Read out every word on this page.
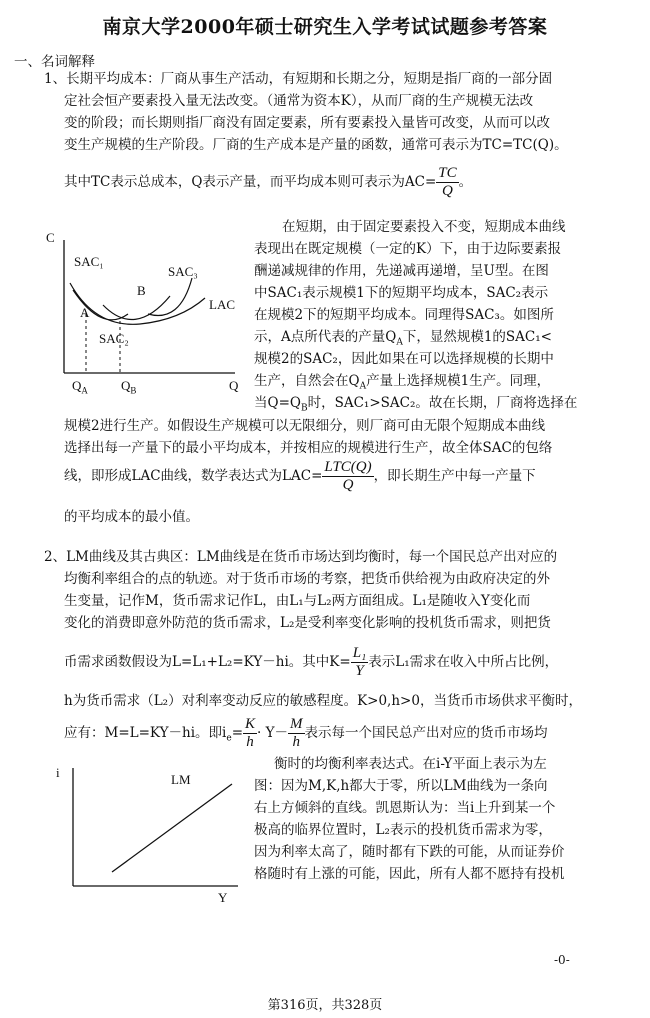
南京大学2000年硕士研究生入学考试试题参考答案
一、名词解释
1、长期平均成本：厂商从事生产活动，有短期和长期之分，短期是指厂商的一部分固
定社会恒产要素投入量无法改变。（通常为资本K），从而厂商的生产规模无法改
变的阶段；而长期则指厂商没有固定要素，所有要素投入量皆可改变，从而可以改
变生产规模的生产阶段。厂商的生产成本是产量的函数，通常可表示为TC=TC(Q)。
其中TC表示总成本，Q表示产量，而平均成本则可表示为$AC= \frac{TC}{Q}$ 。
在短期，由于固定要素投入不变，短期成本曲线
表现出在既定规模（一定的K）下，由于边际要素报
酬递减规律的作用，先递减再递增，呈U型。在图
中SAC₁表示规模1下的短期平均成本，SAC₂表示
在规模2下的短期平均成本。同理得SAC₃。如图所
示，A点所代表的产量$Q_A$下，显然规模1的SAC₁<
规模2的SAC₂，因此如果在可以选择规模的长期中
生产，自然会在$Q_A$产量上选择规模1生产。同理，
当$Q=Q_B$时，SAC₁>SAC₂。故在长期，厂商将选择在
C
Q
SAC₁
SAC₃
B
LAC
A
SAC₂
$Q_A$	$Q_B$
规模2进行生产。如假设生产规模可以无限细分，则厂商可由无限个短期成本曲线
选择出每一产量下的最小平均成本，并按相应的规模进行生产，故全体SAC的包络
线，即形成LAC曲线，数学表达式为$LAC= \frac{\text{LTC(Q)}}{Q}$ ，即长期生产中每一产量下
的平均成本的最小值。
2、LM曲线及其古典区：LM曲线是在货币市场达到均衡时，每一个国民总产出对应的
均衡利率组合的点的轨迹。对于货币市场的考察，把货币供给视为由政府决定的外
生变量，记作M，货币需求记作L，由L₁与L₂两方面组成。L₁是随收入Y变化而
变化的消费即意外防范的货币需求，L₂是受利率变化影响的投机货币需求，则把货
币需求函数假设为L=L₁+L₂=KY－hi。其中$K= \frac{\text{L₁}}{Y}$ 表示L₁需求在收入中所占比例，
h为货币需求（L₂）对利率变动反应的敏感程度。K>0,h>0，当货币市场供求平衡时，
应有：M=L=KY－hi。即$i_e= \frac{K}{h} \cdot Y- \frac{M}{h}$ 表示每一个国民总产出对应的货币市场均
衡时的均衡利率表达式。在i-Y平面上表示为左
图：因为M,K,h都大于零，所以LM曲线为一条向
右上方倾斜的直线。凯恩斯认为：当i上升到某一个
极高的临界位置时，L₂表示的投机货币需求为零，
因为利率太高了，随时都有下跌的可能，从而证券价
格随时有上涨的可能，因此，所有人都不愿持有投机
i
Y
LM
-0-
第316页，共328页
